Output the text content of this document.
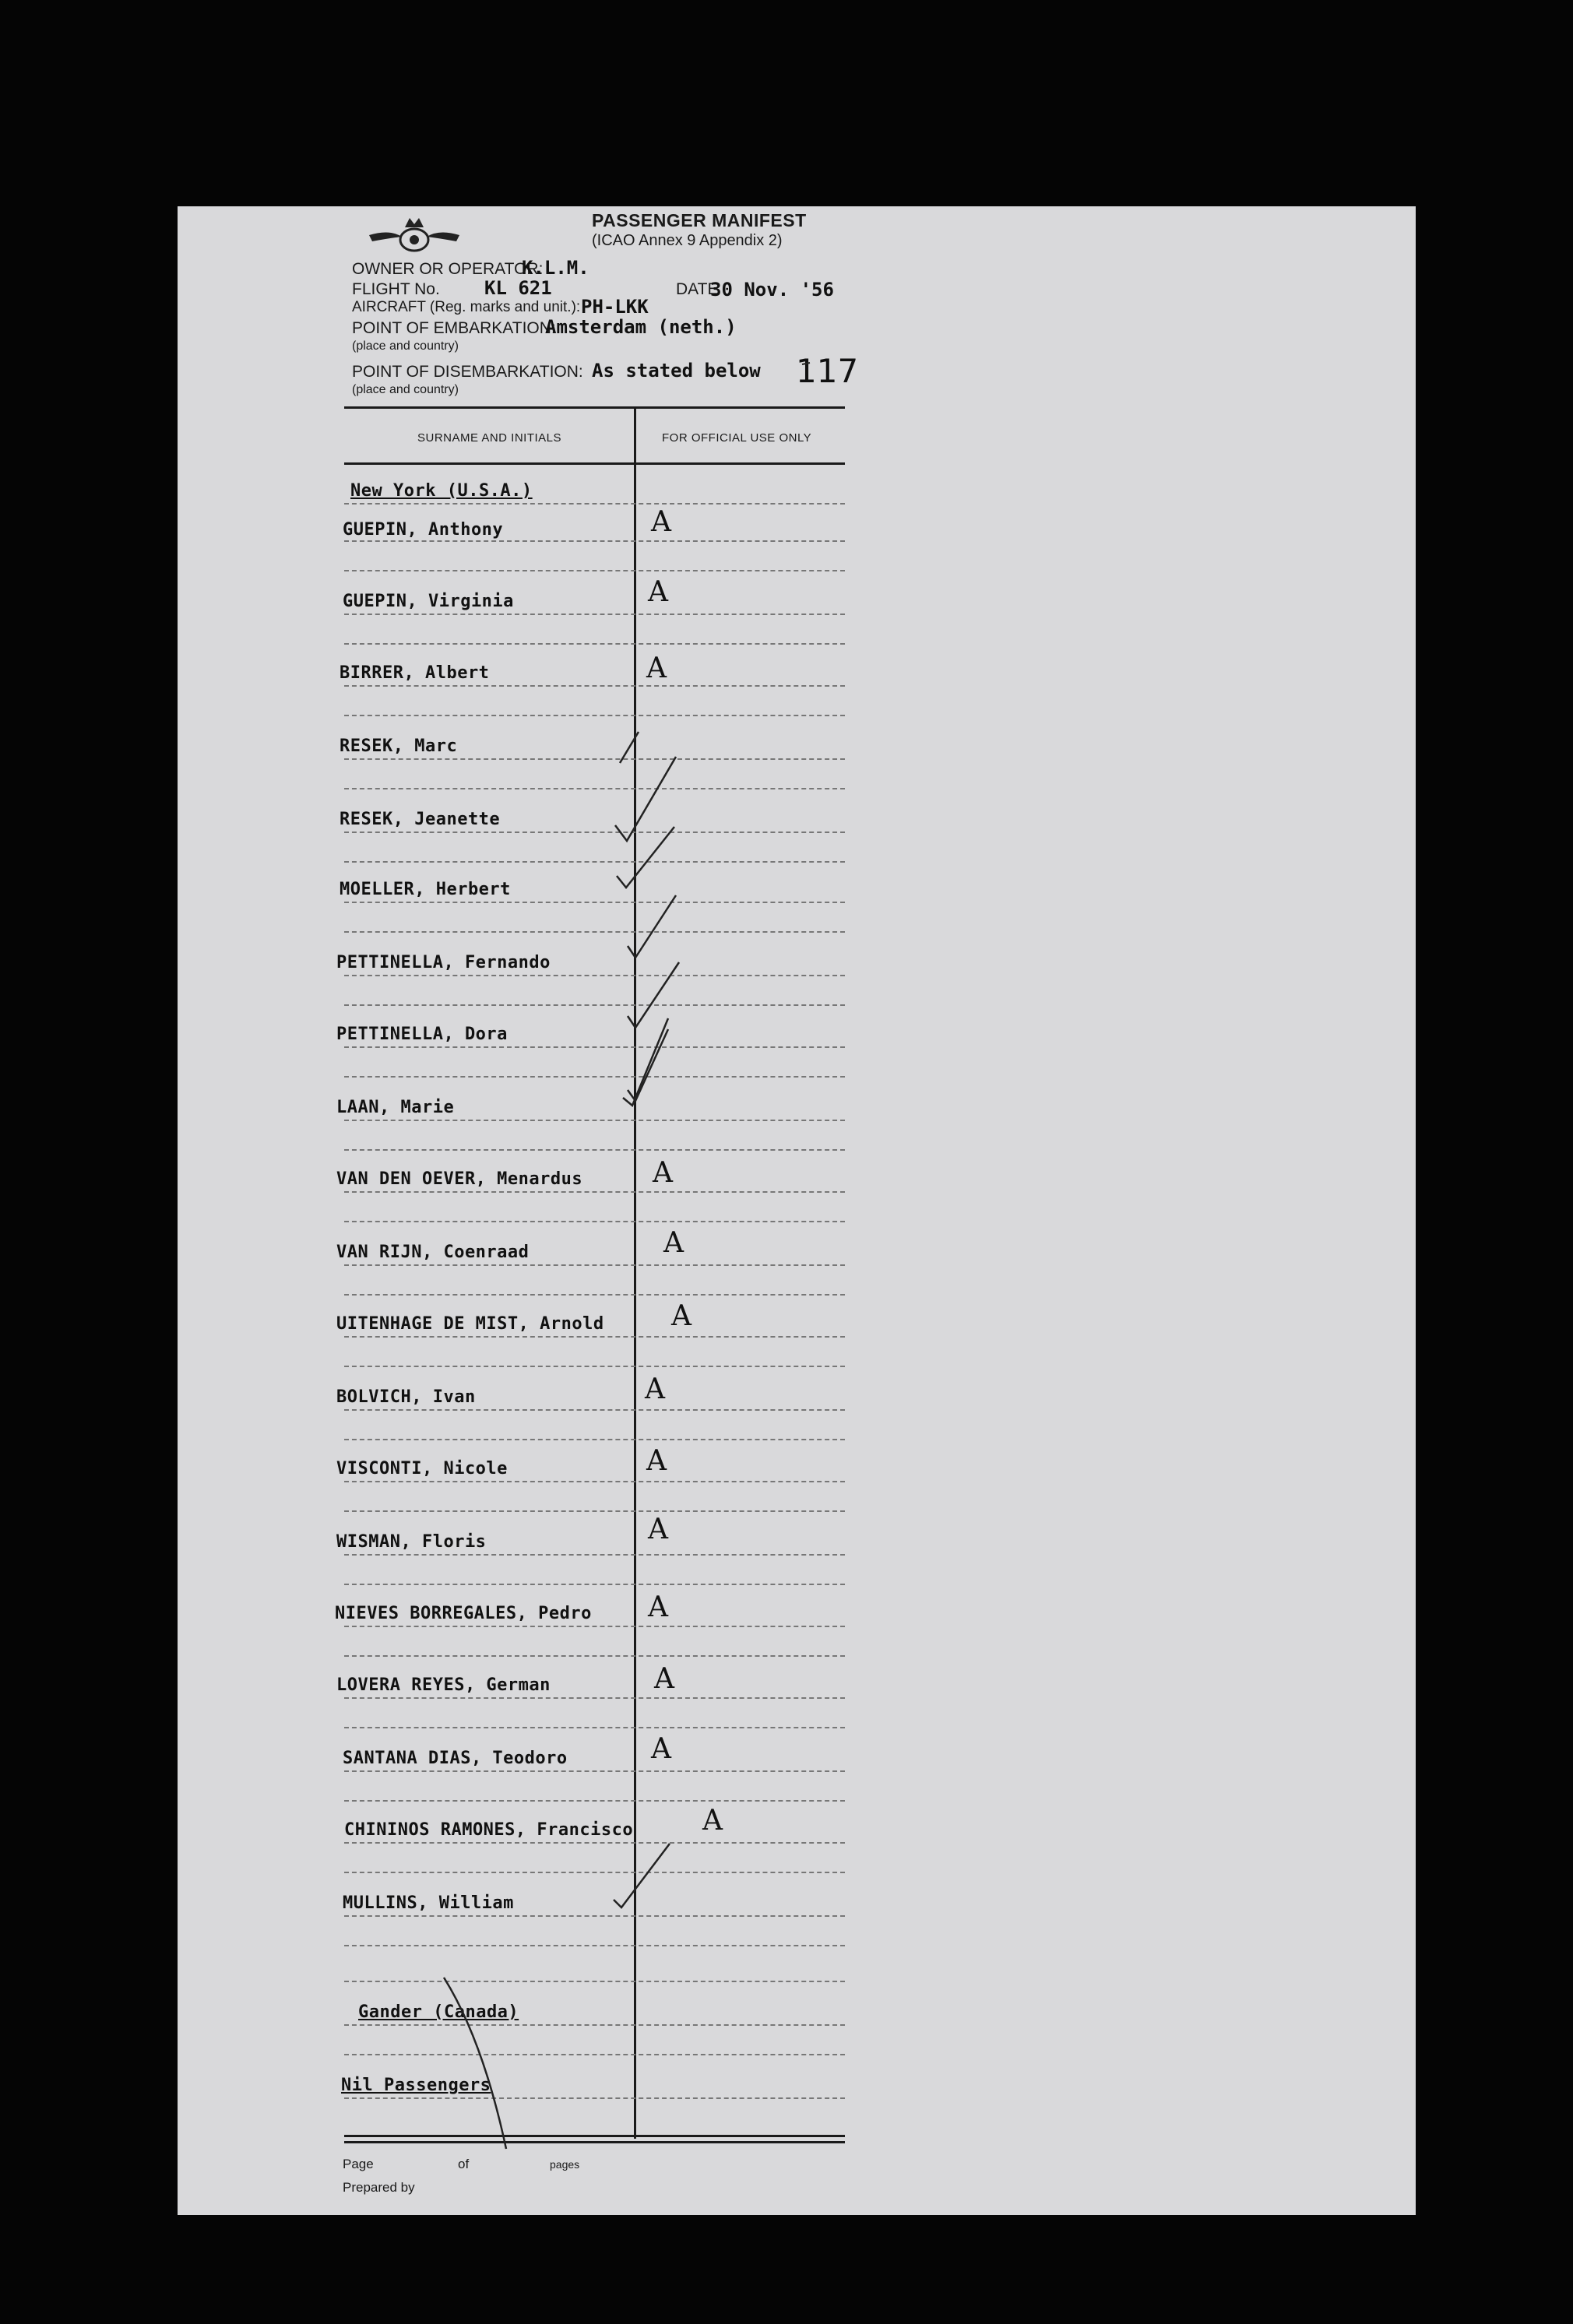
PASSENGER MANIFEST
(ICAO Annex 9 Appendix 2)
OWNER OR OPERATOR:
K.L.M.
FLIGHT No. KL 621	DATE
30 Nov. '56
AIRCRAFT (Reg. marks and unit.): PH-LKK
POINT OF EMBARKATION:
Amsterdam (neth.)
(place and country)
POINT OF DISEMBARKATION: As stated below
(place and country)	117
SURNAME AND INITIALS	FOR OFFICIAL USE ONLY
New York (U.S.A.)
GUEPIN, Anthony	A
GUEPIN, Virginia	A
BIRRER, Albert	A
RESEK, Marc
RESEK, Jeanette
MOELLER, Herbert
PETTINELLA, Fernando
PETTINELLA, Dora
LAAN, Marie
VAN DEN OEVER, Menardus A
VAN RIJN, Coenraad	A
UITENHAGE DE MIST, Arnold A
BOLVICH, Ivan	A
VISCONTI, Nicole	A
WISMAN, Floris	A
NIEVES BORREGALES, Pedro A
LOVERA REYES, German	A
SANTANA DIAS, Teodoro	A
CHININOS RAMONES, Francisco A
MULLINS, William
Gander (Canada)
Nil Passengers
Page	of	pages
Prepared by
